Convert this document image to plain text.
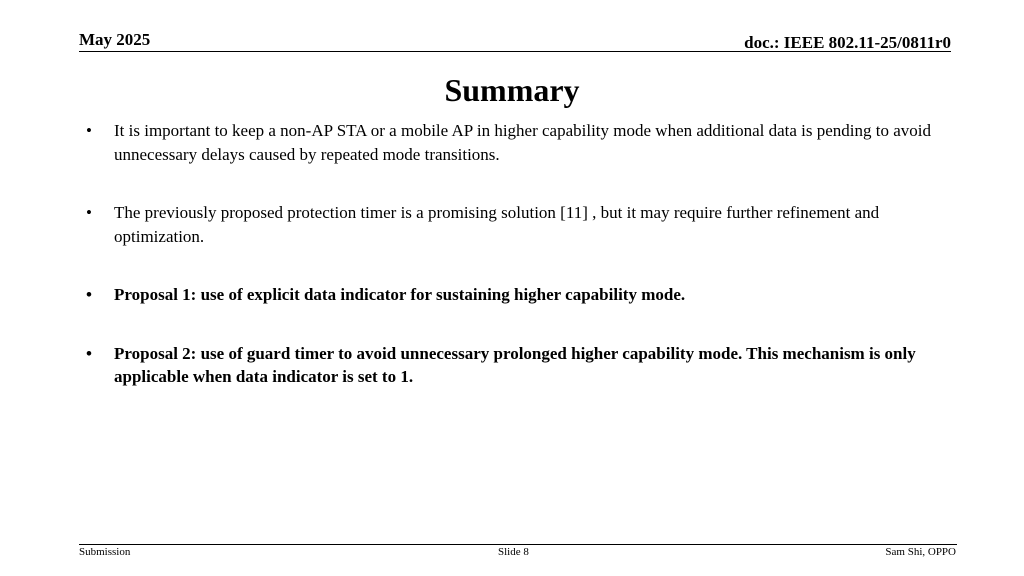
May 2025	doc.: IEEE 802.11-25/0811r0
Summary
• It is important to keep a non-AP STA or a mobile AP in higher capability mode when additional data is pending to avoid unnecessary delays caused by repeated mode transitions.
• The previously proposed protection timer is a promising solution [11] , but it may require further refinement and optimization.
• Proposal 1: use of explicit data indicator for sustaining higher capability mode.
• Proposal 2: use of guard timer to avoid unnecessary prolonged higher capability mode. This mechanism is only applicable when data indicator is set to 1.
Submission	Slide 8	Sam Shi, OPPO
